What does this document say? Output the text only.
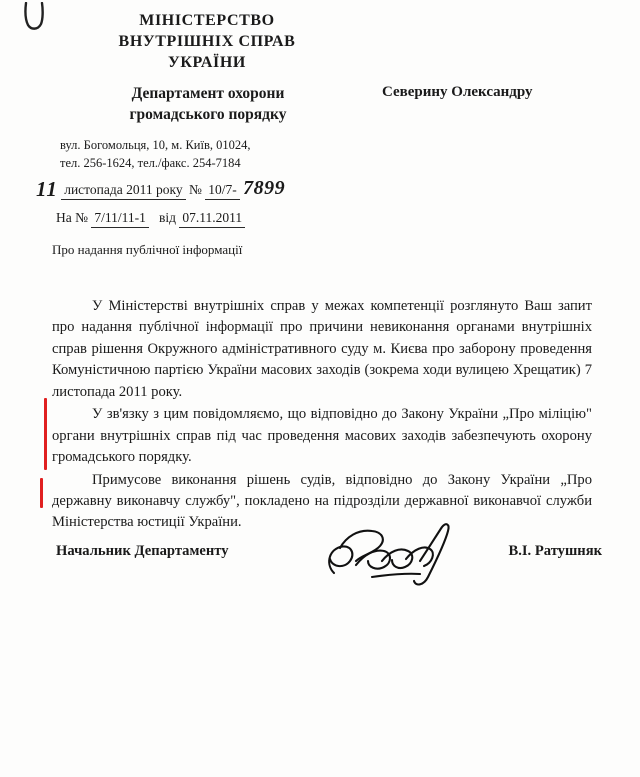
МІНІСТЕРСТВО
ВНУТРІШНІХ СПРАВ
УКРАЇНИ
Департамент охорони
громадського порядку
вул. Богомольця, 10, м. Київ, 01024,
тел. 256-1624, тел./факс. 254-7184
Северину Олександру
11 листопада 2011 року № 10/7- 7899
На № 7/11/11-1 від 07.11.2011
Про надання публічної інформації

У Міністерстві внутрішніх справ у межах компетенції розглянуто Ваш запит про надання публічної інформації про причини невиконання органами внутрішніх справ рішення Окружного адміністративного суду м. Києва про заборону проведення Комуністичною партією України масових заходів (зокрема ходи вулицею Хрещатик) 7 листопада 2011 року.

У зв'язку з цим повідомляємо, що відповідно до Закону України „Про міліцію" органи внутрішніх справ під час проведення масових заходів забезпечують охорону громадського порядку.

Примусове виконання рішень судів, відповідно до Закону України „Про державну виконавчу службу", покладено на підрозділи державної виконавчої служби Міністерства юстиції України.

Начальник Департаменту	В.І. Ратушняк
